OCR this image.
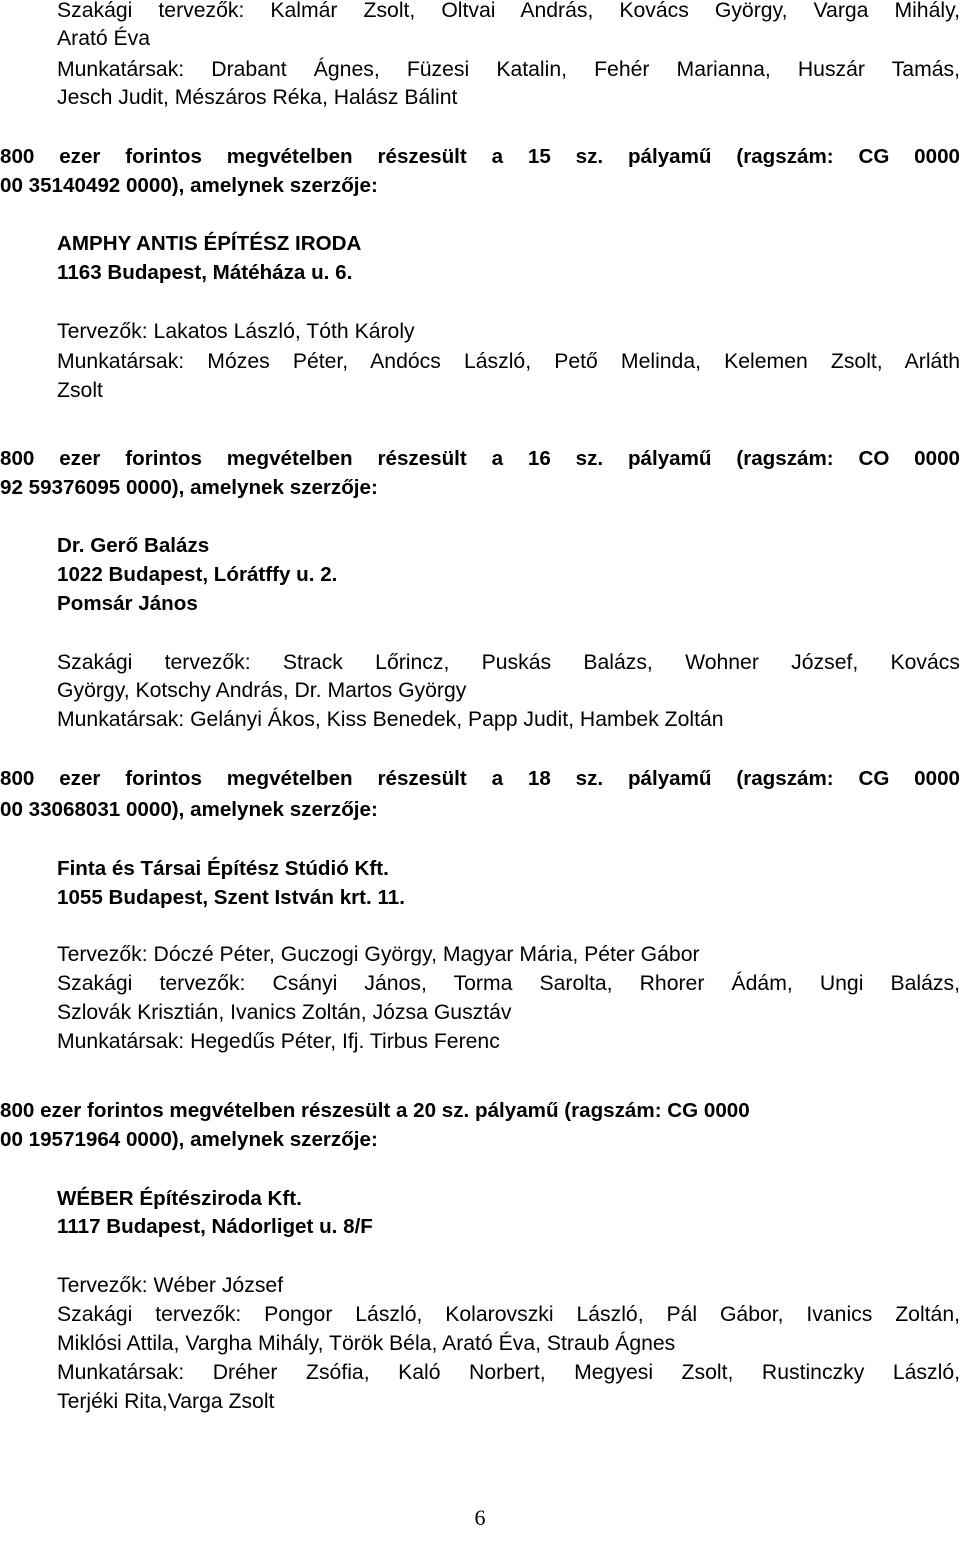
Szakági tervezők: Kalmár Zsolt, Oltvai András, Kovács György, Varga Mihály,

Arató Éva

Munkatársak: Drabant Ágnes, Füzesi Katalin, Fehér Marianna, Huszár Tamás,

Jesch Judit, Mészáros Réka, Halász Bálint

800 ezer forintos megvételben részesült a 15 sz. pályamű (ragszám: CG 0000

00 35140492 0000), amelynek szerzője:

AMPHY ANTIS ÉPÍTÉSZ IRODA

1163 Budapest, Mátéháza u. 6.

Tervezők: Lakatos László, Tóth Károly

Munkatársak: Mózes Péter, Andócs László, Pető Melinda, Kelemen Zsolt, Arláth

Zsolt

800 ezer forintos megvételben részesült a 16 sz. pályamű (ragszám: CO 0000

92 59376095 0000), amelynek szerzője:

Dr. Gerő Balázs

1022 Budapest, Lórátffy u. 2.

Pomsár János

Szakági tervezők: Strack Lőrincz, Puskás Balázs, Wohner József, Kovács

György, Kotschy András, Dr. Martos György

Munkatársak: Gelányi Ákos, Kiss Benedek, Papp Judit, Hambek Zoltán

800 ezer forintos megvételben részesült a 18 sz. pályamű (ragszám: CG 0000

00 33068031 0000), amelynek szerzője:

Finta és Társai Építész Stúdió Kft.

1055 Budapest, Szent István krt. 11.

Tervezők: Dóczé Péter, Guczogi György, Magyar Mária, Péter Gábor

Szakági tervezők: Csányi János, Torma Sarolta, Rhorer Ádám, Ungi Balázs,

Szlovák Krisztián, Ivanics Zoltán, Józsa Gusztáv

Munkatársak: Hegedűs Péter, Ifj. Tirbus Ferenc

800 ezer forintos megvételben részesült a 20 sz. pályamű (ragszám: CG 0000

00 19571964 0000), amelynek szerzője:

WÉBER Építésziroda Kft.

1117 Budapest, Nádorliget u. 8/F

Tervezők: Wéber József

Szakági tervezők: Pongor László, Kolarovszki László, Pál Gábor, Ivanics Zoltán,

Miklósi Attila, Vargha Mihály, Török Béla, Arató Éva, Straub Ágnes

Munkatársak: Dréher Zsófia, Kaló Norbert, Megyesi Zsolt, Rustinczky László,

Terjéki Rita,Varga Zsolt

6
